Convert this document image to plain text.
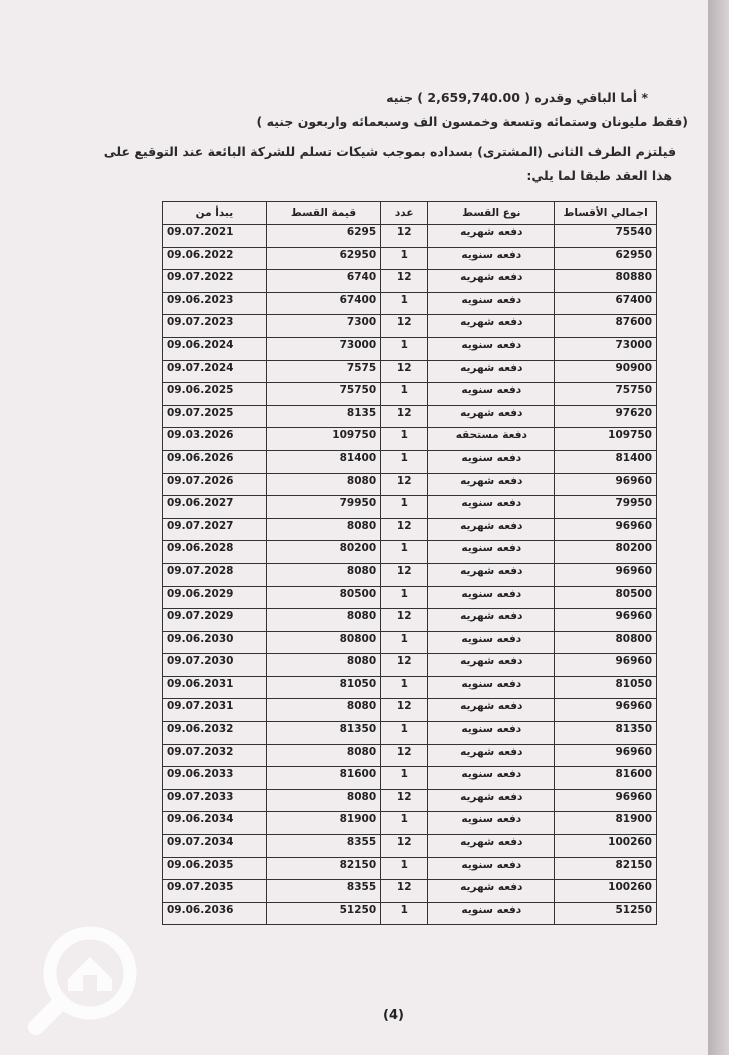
* أما الباقي وقدره ( 2,659,740.00 ) جنيه
(فقط مليونان وستمائه وتسعة وخمسون الف وسبعمائه واربعون جنيه )
فيلتزم الطرف الثانى (المشترى) بسداده بموجب شيكات تسلم للشركة البائعة عند التوقيع على
هذا العقد طبقا لما يلي:
يبدأ من	قيمة القسط	عدد	نوع القسط	اجمالي الأقساط
09.07.2021	6295	12	دفعه شهريه	75540
09.06.2022	62950	1	دفعه سنويه	62950
09.07.2022	6740	12	دفعه شهريه	80880
09.06.2023	67400	1	دفعه سنويه	67400
09.07.2023	7300	12	دفعه شهريه	87600
09.06.2024	73000	1	دفعه سنويه	73000
09.07.2024	7575	12	دفعه شهريه	90900
09.06.2025	75750	1	دفعه سنويه	75750
09.07.2025	8135	12	دفعه شهريه	97620
09.03.2026	109750	1	دفعة مستحقه	109750
09.06.2026	81400	1	دفعه سنويه	81400
09.07.2026	8080	12	دفعه شهريه	96960
09.06.2027	79950	1	دفعه سنويه	79950
09.07.2027	8080	12	دفعه شهريه	96960
09.06.2028	80200	1	دفعه سنويه	80200
09.07.2028	8080	12	دفعه شهريه	96960
09.06.2029	80500	1	دفعه سنويه	80500
09.07.2029	8080	12	دفعه شهريه	96960
09.06.2030	80800	1	دفعه سنويه	80800
09.07.2030	8080	12	دفعه شهريه	96960
09.06.2031	81050	1	دفعه سنويه	81050
09.07.2031	8080	12	دفعه شهريه	96960
09.06.2032	81350	1	دفعه سنويه	81350
09.07.2032	8080	12	دفعه شهريه	96960
09.06.2033	81600	1	دفعه سنويه	81600
09.07.2033	8080	12	دفعه شهريه	96960
09.06.2034	81900	1	دفعه سنويه	81900
09.07.2034	8355	12	دفعه شهريه	100260
09.06.2035	82150	1	دفعه سنويه	82150
09.07.2035	8355	12	دفعه شهريه	100260
09.06.2036	51250	1	دفعه سنويه	51250
(4)
